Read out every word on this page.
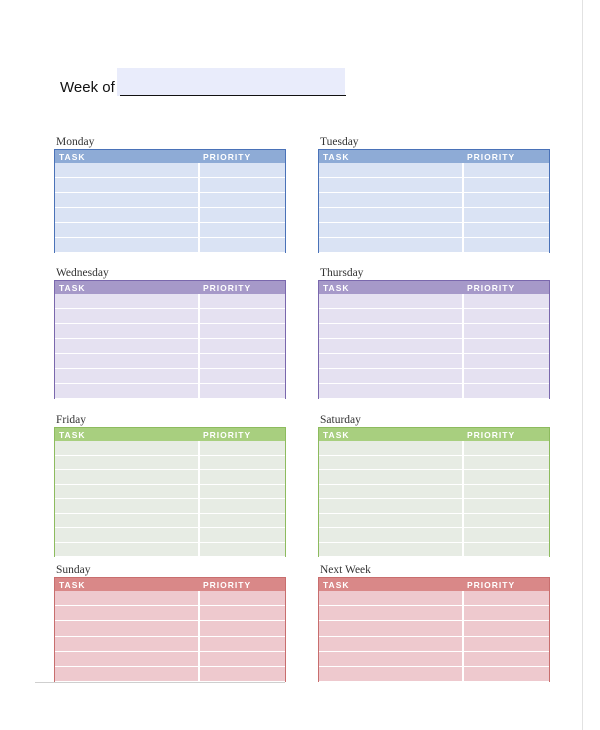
Week of
Monday
TASK	PRIORITY
Tuesday
TASK	PRIORITY
Wednesday
TASK	PRIORITY
Thursday
TASK	PRIORITY
Friday
TASK	PRIORITY
Saturday
TASK	PRIORITY
Sunday
TASK	PRIORITY
Next Week
TASK	PRIORITY
